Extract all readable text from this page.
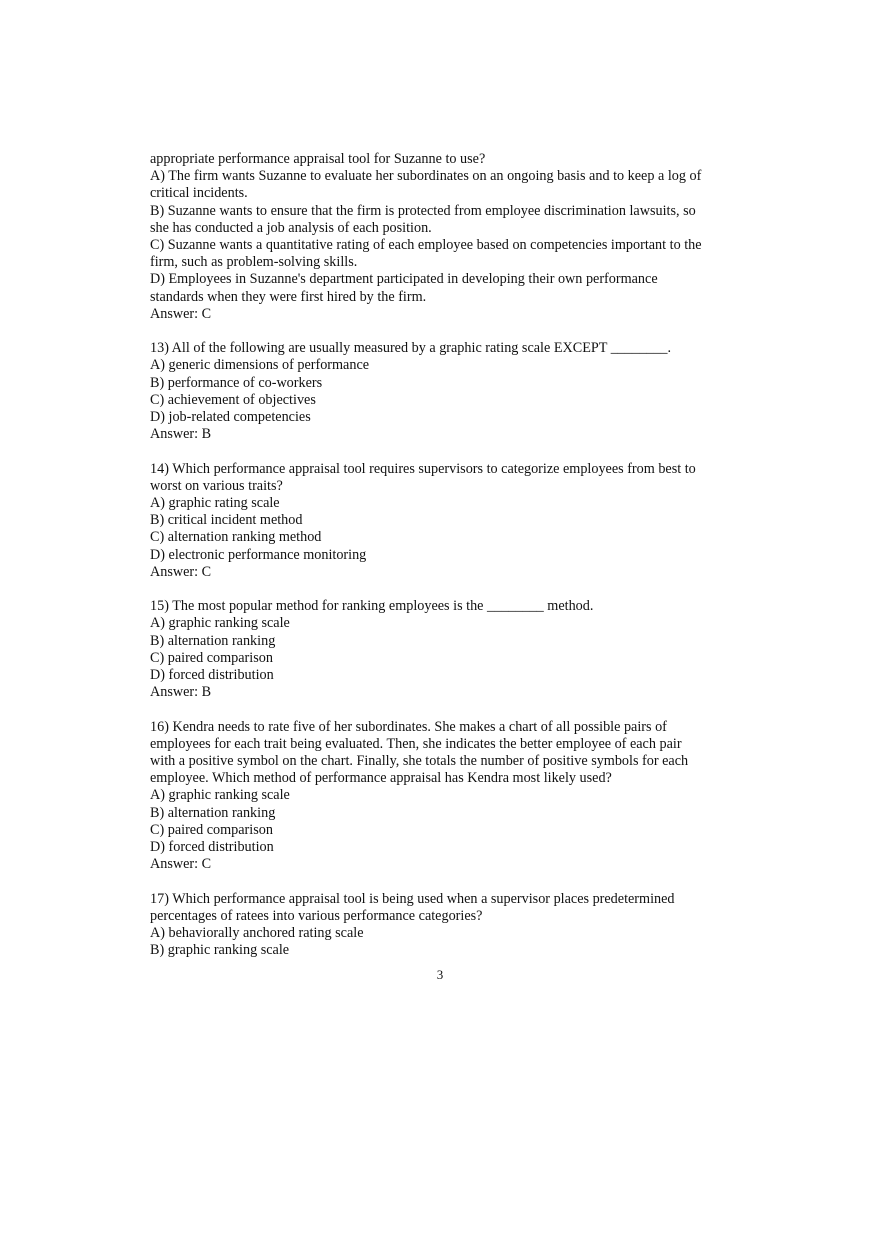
appropriate performance appraisal tool for Suzanne to use?
A) The firm wants Suzanne to evaluate her subordinates on an ongoing basis and to keep a log of
critical incidents.
B) Suzanne wants to ensure that the firm is protected from employee discrimination lawsuits, so
she has conducted a job analysis of each position.
C) Suzanne wants a quantitative rating of each employee based on competencies important to the
firm, such as problem-solving skills.
D) Employees in Suzanne's department participated in developing their own performance
standards when they were first hired by the firm.
Answer: C
13) All of the following are usually measured by a graphic rating scale EXCEPT ________.
A) generic dimensions of performance
B) performance of co-workers
C) achievement of objectives
D) job-related competencies
Answer: B
14) Which performance appraisal tool requires supervisors to categorize employees from best to
worst on various traits?
A) graphic rating scale
B) critical incident method
C) alternation ranking method
D) electronic performance monitoring
Answer: C
15) The most popular method for ranking employees is the ________ method.
A) graphic ranking scale
B) alternation ranking
C) paired comparison
D) forced distribution
Answer: B
16) Kendra needs to rate five of her subordinates. She makes a chart of all possible pairs of
employees for each trait being evaluated. Then, she indicates the better employee of each pair
with a positive symbol on the chart. Finally, she totals the number of positive symbols for each
employee. Which method of performance appraisal has Kendra most likely used?
A) graphic ranking scale
B) alternation ranking
C) paired comparison
D) forced distribution
Answer: C
17) Which performance appraisal tool is being used when a supervisor places predetermined
percentages of ratees into various performance categories?
A) behaviorally anchored rating scale
B) graphic ranking scale
3
